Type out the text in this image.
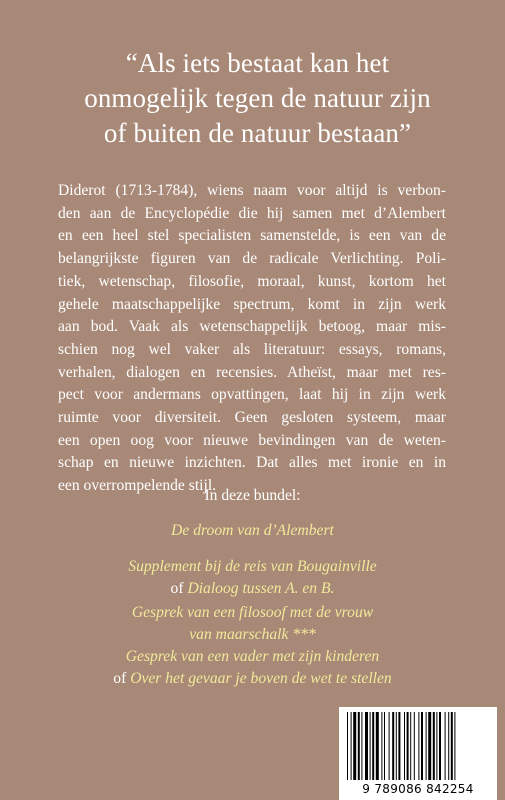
“Als iets bestaat kan het
onmogelijk tegen de natuur zijn
of buiten de natuur bestaan”
Diderot (1713-1784), wiens naam voor altijd is verbon-
den aan de Encyclopédie die hij samen met d’Alembert
en een heel stel specialisten samenstelde, is een van de
belangrijkste figuren van de radicale Verlichting. Poli-
tiek, wetenschap, filosofie, moraal, kunst, kortom het
gehele maatschappelijke spectrum, komt in zijn werk
aan bod. Vaak als wetenschappelijk betoog, maar mis-
schien nog wel vaker als literatuur: essays, romans,
verhalen, dialogen en recensies. Atheïst, maar met res-
pect voor andermans opvattingen, laat hij in zijn werk
ruimte voor diversiteit. Geen gesloten systeem, maar
een open oog voor nieuwe bevindingen van de weten-
schap en nieuwe inzichten. Dat alles met ironie en in
een overrompelende stijl.
In deze bundel:
De droom van d’Alembert
Supplement bij de reis van Bougainville
of Dialoog tussen A. en B.
Gesprek van een filosoof met de vrouw
van maarschalk ***
Gesprek van een vader met zijn kinderen
of Over het gevaar je boven de wet te stellen
9 789086 842254
